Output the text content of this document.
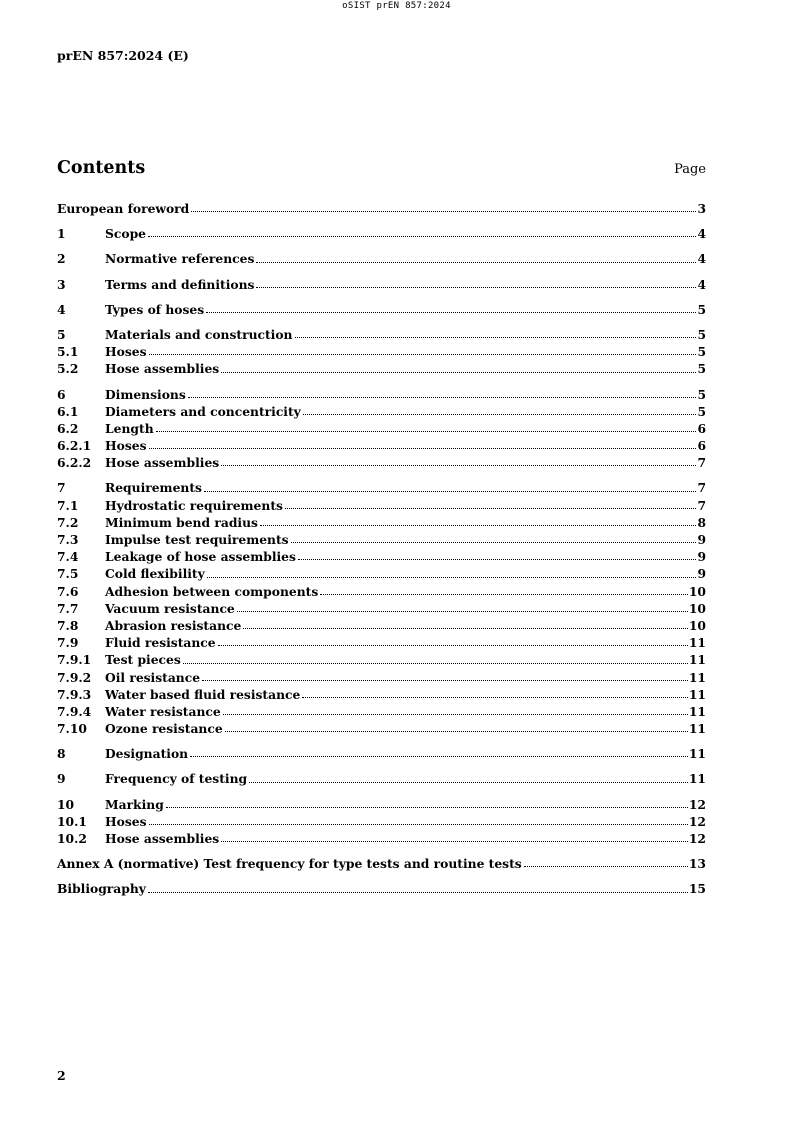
oSIST prEN 857:2024
prEN 857:2024 (E)
Contents	Page
European foreword	3
1	Scope	4
2	Normative references	4
3	Terms and definitions	4
4	Types of hoses	5
5	Materials and construction	5
5.1	Hoses	5
5.2	Hose assemblies	5
6	Dimensions	5
6.1	Diameters and concentricity	5
6.2	Length	6
6.2.1	Hoses	6
6.2.2	Hose assemblies	7
7	Requirements	7
7.1	Hydrostatic requirements	7
7.2	Minimum bend radius	8
7.3	Impulse test requirements	9
7.4	Leakage of hose assemblies	9
7.5	Cold flexibility	9
7.6	Adhesion between components	10
7.7	Vacuum resistance	10
7.8	Abrasion resistance	10
7.9	Fluid resistance	11
7.9.1	Test pieces	11
7.9.2	Oil resistance	11
7.9.3	Water based fluid resistance	11
7.9.4	Water resistance	11
7.10	Ozone resistance	11
8	Designation	11
9	Frequency of testing	11
10	Marking	12
10.1	Hoses	12
10.2	Hose assemblies	12
Annex A (normative) Test frequency for type tests and routine tests	13
Bibliography	15
2
